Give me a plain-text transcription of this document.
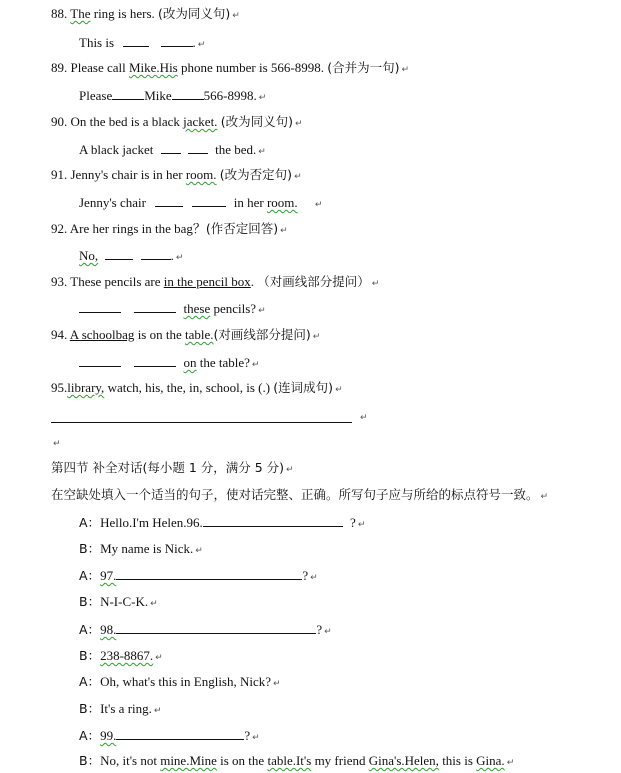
88. The ring is hers. (改为同义句) ↵
This is	. ↵
89. Please call Mike.His phone number is 566-8998. (合并为一句) ↵
Please Mike 566-8998. ↵
90. On the bed is a black jacket. (改为同义句) ↵
A black jacket	the bed. ↵
91. Jenny's chair is in her room. (改为否定句) ↵
Jenny's chair	in her room. ↵
92. Are her rings in the bag？(作否定回答) ↵
No,	. ↵
93. These pencils are in the pencil box. （对画线部分提问） ↵
these pencils? ↵
94. A schoolbag is on the table.(对画线部分提问) ↵
on the table? ↵
95.library, watch, his, the, in, school, is (.) (连词成句) ↵
↵
↵
第四节 补全对话(每小题 1 分，满分 5 分) ↵
在空缺处填入一个适当的句子，使对话完整、正确。所写句子应与所给的标点符号一致。 ↵
A：Hello.I'm Helen.96.	? ↵
B：My name is Nick. ↵
A：97.	? ↵
B：N-I-C-K. ↵
A：98.	? ↵
B：238-8867. ↵
A：Oh, what's this in English, Nick? ↵
B：It's a ring. ↵
A：99.	? ↵
B：No, it's not mine.Mine is on the table.It's my friend Gina's.Helen, this is Gina. ↵
